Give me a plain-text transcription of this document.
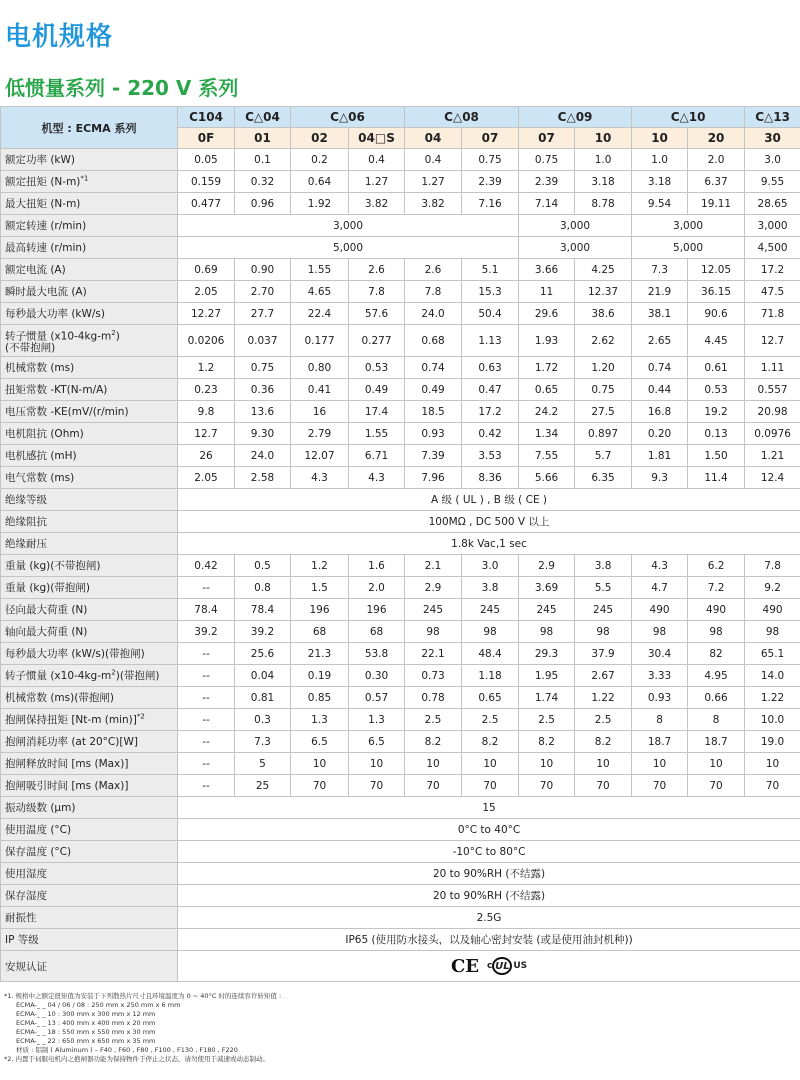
电机规格
低惯量系列 - 220 V 系列
机型 : ECMA 系列	C104	C△04	C△06		C△08		C△09		C△10		C△13
	0F	01	02	04□S	04	07	07	10	10	20	30
额定功率 (kW)	0.05	0.1	0.2	0.4	0.4	0.75	0.75	1.0	1.0	2.0	3.0
额定扭矩 $(N-m)^{*1}$	0.159	0.32	0.64	1.27	1.27	2.39	2.39	3.18	3.18	6.37	9.55
最大扭矩 (N-m)	0.477	0.96	1.92	3.82	3.82	7.16	7.14	8.78	9.54	19.11	28.65
额定转速 (r/min)	3,000						3,000		3,000		3,000
最高转速 (r/min)	5,000						3,000		5,000		4,500
额定电流 (A)	0.69	0.90	1.55	2.6	2.6	5.1	3.66	4.25	7.3	12.05	17.2
瞬时最大电流 (A)	2.05	2.70	4.65	7.8	7.8	15.3	11	12.37	21.9	36.15	47.5
每秒最大功率 (kW/s)	12.27	27.7	22.4	57.6	24.0	50.4	29.6	38.6	38.1	90.6	71.8
转子惯量 $(x10-4kg-m^2)$
(不带抱闸)	0.0206	0.037	0.177	0.277	0.68	1.13	1.93	2.62	2.65	4.45	12.7
机械常数 (ms)	1.2	0.75	0.80	0.53	0.74	0.63	1.72	1.20	0.74	0.61	1.11
扭矩常数 -KT(N-m/A)	0.23	0.36	0.41	0.49	0.49	0.47	0.65	0.75	0.44	0.53	0.557
电压常数 -KE(mV/(r/min)	9.8	13.6	16	17.4	18.5	17.2	24.2	27.5	16.8	19.2	20.98
电机阻抗 (Ohm)	12.7	9.30	2.79	1.55	0.93	0.42	1.34	0.897	0.20	0.13	0.0976
电机感抗 (mH)	26	24.0	12.07	6.71	7.39	3.53	7.55	5.7	1.81	1.50	1.21
电气常数 (ms)	2.05	2.58	4.3	4.3	7.96	8.36	5.66	6.35	9.3	11.4	12.4
绝缘等级	A 级 ( UL ) , B 级 ( CE )										
绝缘阻抗	100MΩ , DC 500 V 以上										
绝缘耐压	1.8k Vac,1 sec										
重量 (kg)(不带抱闸)	0.42	0.5	1.2	1.6	2.1	3.0	2.9	3.8	4.3	6.2	7.8
重量 (kg)(带抱闸)	--	0.8	1.5	2.0	2.9	3.8	3.69	5.5	4.7	7.2	9.2
径向最大荷重 (N)	78.4	78.4	196	196	245	245	245	245	490	490	490
轴向最大荷重 (N)	39.2	39.2	68	68	98	98	98	98	98	98	98
每秒最大功率 (kW/s)(带抱闸)	--	25.6	21.3	53.8	22.1	48.4	29.3	37.9	30.4	82	65.1
转子惯量 $(x10-4kg-m^2)$(带抱闸)	--	0.04	0.19	0.30	0.73	1.18	1.95	2.67	3.33	4.95	14.0
机械常数 (ms)(带抱闸)	--	0.81	0.85	0.57	0.78	0.65	1.74	1.22	0.93	0.66	1.22
抱闸保持扭矩 [Nt-m (min)]$^{*2}$	--	0.3	1.3	1.3	2.5	2.5	2.5	2.5	8	8	10.0
抱闸消耗功率 (at 20°C)[W]	--	7.3	6.5	6.5	8.2	8.2	8.2	8.2	18.7	18.7	19.0
抱闸释放时间 [ms (Max)]	--	5	10	10	10	10	10	10	10	10	10
抱闸吸引时间 [ms (Max)]	--	25	70	70	70	70	70	70	70	70	70
振动级数 (μm)	15										
使用温度 (°C)	0°C to 40°C										
保存温度 (°C)	-10°C to 80°C										
使用湿度	20 to 90%RH (不结露)										
保存湿度	20 to 90%RH (不结露)										
耐振性	2.5G										
IP 等级	IP65 (使用防水接头，以及轴心密封安装 (或是使用油封机种))										
安规认证	CE c UL US										
*1. 规格中之额定扭矩值为安装于下列散热片尺寸且环境温度为 0 ~ 40°C 时的连续容许转矩值 :
ECMA-_ _ 04 / 06 / 08 : 250 mm x 250 mm x 6 mm
ECMA-_ _ 10 : 300 mm x 300 mm x 12 mm
ECMA-_ _ 13 : 400 mm x 400 mm x 20 mm
ECMA-_ _ 18 : 550 mm x 550 mm x 30 mm
ECMA-_ _ 22 : 650 mm x 650 mm x 35 mm
材质 : 铝制 ( Aluminum ) – F40 , F60 , F80 , F100 , F130 , F180 , F220
*2. 内置于伺服电机内之抱闸器功能为保持物件于停止之状态，请勿使用于减速或动态制动。
